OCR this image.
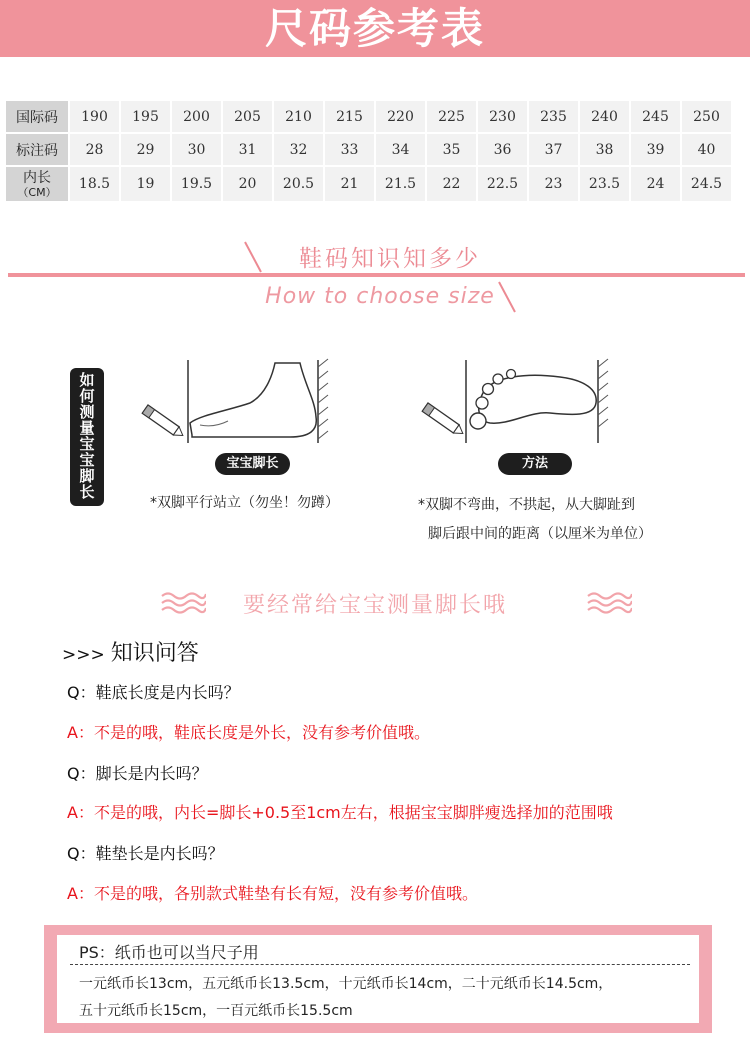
尺码参考表
国际码	190	195	200	205	210	215	220	225	230	235	240	245	250
标注码	28	29	30	31	32	33	34	35	36	37	38	39	40

内长
（CM）	18.5	19	19.5	20	20.5	21	21.5	22	22.5	23	23.5	24	24.5
鞋码知识知多少
How to choose size
如何测量宝宝脚长
宝宝脚长
*双脚平行站立（勿坐！勿蹲）
方法
*双脚不弯曲，不拱起，从大脚趾到
脚后跟中间的距离（以厘米为单位）
要经常给宝宝测量脚长哦
>>> 知识问答
Q：鞋底长度是内长吗？
A：不是的哦，鞋底长度是外长，没有参考价值哦。
Q：脚长是内长吗？
A：不是的哦，内长=脚长+0.5至1cm左右，根据宝宝脚胖瘦选择加的范围哦
Q：鞋垫长是内长吗？
A：不是的哦，各别款式鞋垫有长有短，没有参考价值哦。
PS：纸币也可以当尺子用
一元纸币长13cm，五元纸币长13.5cm，十元纸币长14cm，二十元纸币长14.5cm，
五十元纸币长15cm，一百元纸币长15.5cm
